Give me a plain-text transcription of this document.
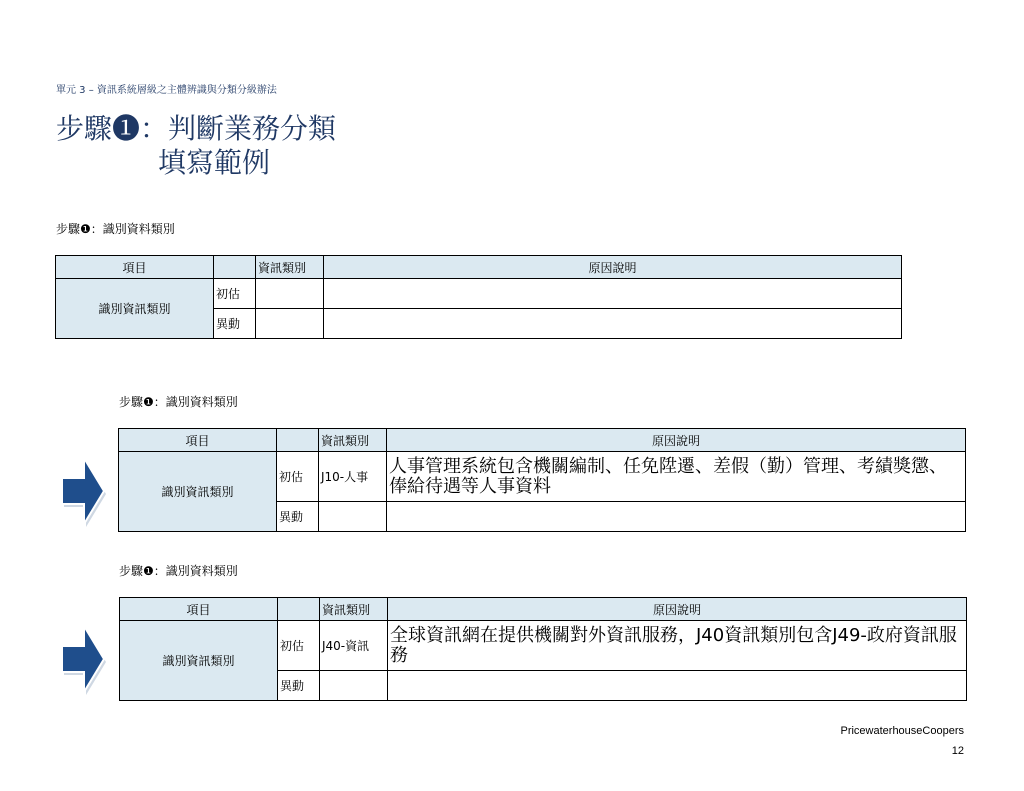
單元 3 – 資訊系統層級之主體辨識與分類分級辦法
步驟❶：判斷業務分類
填寫範例
步驟❶：識別資料類別
項目		資訊類別	原因說明
識別資訊類別	初估		
	異動		
步驟❶：識別資料類別
項目		資訊類別	原因說明
識別資訊類別	初估	J10-人事	人事管理系統包含機關編制、任免陞遷、差假（勤）管理、考績獎懲、俸給待遇等人事資料
	異動		
步驟❶：識別資料類別
項目		資訊類別	原因說明
識別資訊類別	初估	J40-資訊	全球資訊網在提供機關對外資訊服務，J40資訊類別包含J49-政府資訊服務
	異動		
PricewaterhouseCoopers
12
